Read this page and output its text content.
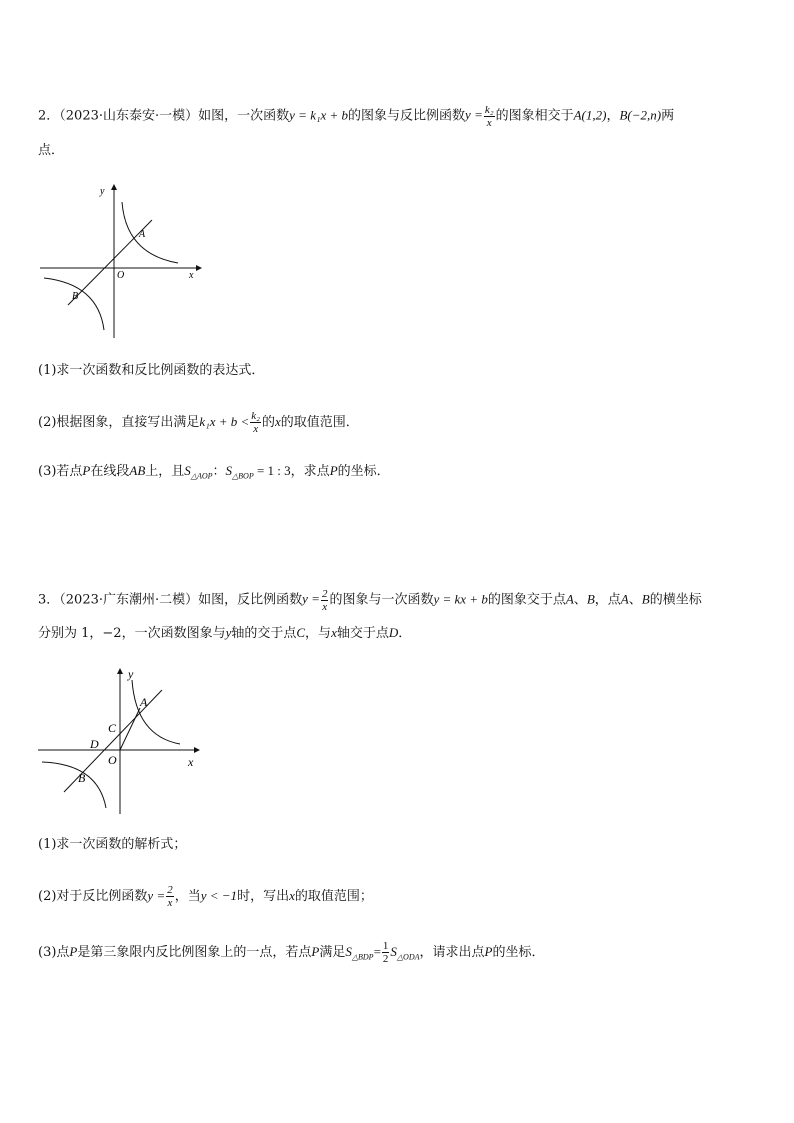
2．（2023·山东泰安·一模）如图，一次函数y = k₁x + b的图象与反比例函数$y = \frac{\text{k₂}}{x}$ 的图象相交于A(1,2)，B(−2,n)两
点．
y
x
O
A
B
(1)求一次函数和反比例函数的表达式．
(2)根据图象，直接写出满足$k_1x + b < \frac{\text{k₂}}{x}$ 的x的取值范围．
(3)若点P在线段AB上，且$S_{\triangle AOP}$：$S_{\triangle BOP} = 1$ : 3，求点P的坐标．
3．（2023·广东潮州·二模）如图，反比例函数$y = \frac{2}{x}$ 的图象与一次函数y = kx + b的图象交于点A、B，点A、B的横坐标
分别为 1，−2，一次函数图象与y轴的交于点C，与x轴交于点D．
y
x
O
A
B
C
D
(1)求一次函数的解析式；
(2)对于反比例函数$y = \frac{2}{x}$ ，当y < −1时，写出x的取值范围；
(3)点P是第三象限内反比例图象上的一点，若点P满足$S_{\triangle BDP}= \frac{1}{2} S_{\triangle ODA}$，请求出点P的坐标．
